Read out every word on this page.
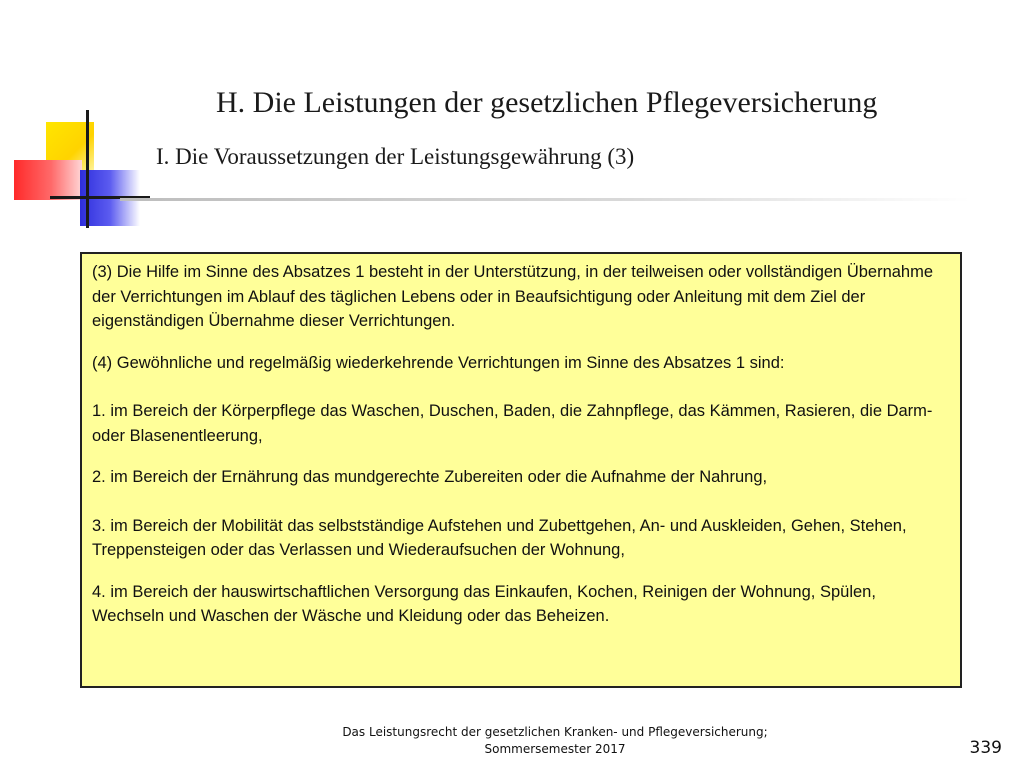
H. Die Leistungen der gesetzlichen Pflegeversicherung
I. Die Voraussetzungen der Leistungsgewährung (3)

(3) Die Hilfe im Sinne des Absatzes 1 besteht in der Unterstützung, in der teilweisen oder vollständigen Übernahme der Verrichtungen im Ablauf des täglichen Lebens oder in Beaufsichtigung oder Anleitung mit dem Ziel der eigenständigen Übernahme dieser Verrichtungen.

(4) Gewöhnliche und regelmäßig wiederkehrende Verrichtungen im Sinne des Absatzes 1 sind:

1. im Bereich der Körperpflege das Waschen, Duschen, Baden, die Zahnpflege, das Kämmen, Rasieren, die Darm- oder Blasenentleerung,

2. im Bereich der Ernährung das mundgerechte Zubereiten oder die Aufnahme der Nahrung,

3. im Bereich der Mobilität das selbstständige Aufstehen und Zubettgehen, An- und Auskleiden, Gehen, Stehen, Treppensteigen oder das Verlassen und Wiederaufsuchen der Wohnung,

4. im Bereich der hauswirtschaftlichen Versorgung das Einkaufen, Kochen, Reinigen der Wohnung, Spülen, Wechseln und Waschen der Wäsche und Kleidung oder das Beheizen.

Das Leistungsrecht der gesetzlichen Kranken- und Pflegeversicherung;
Sommersemester 2017	339
